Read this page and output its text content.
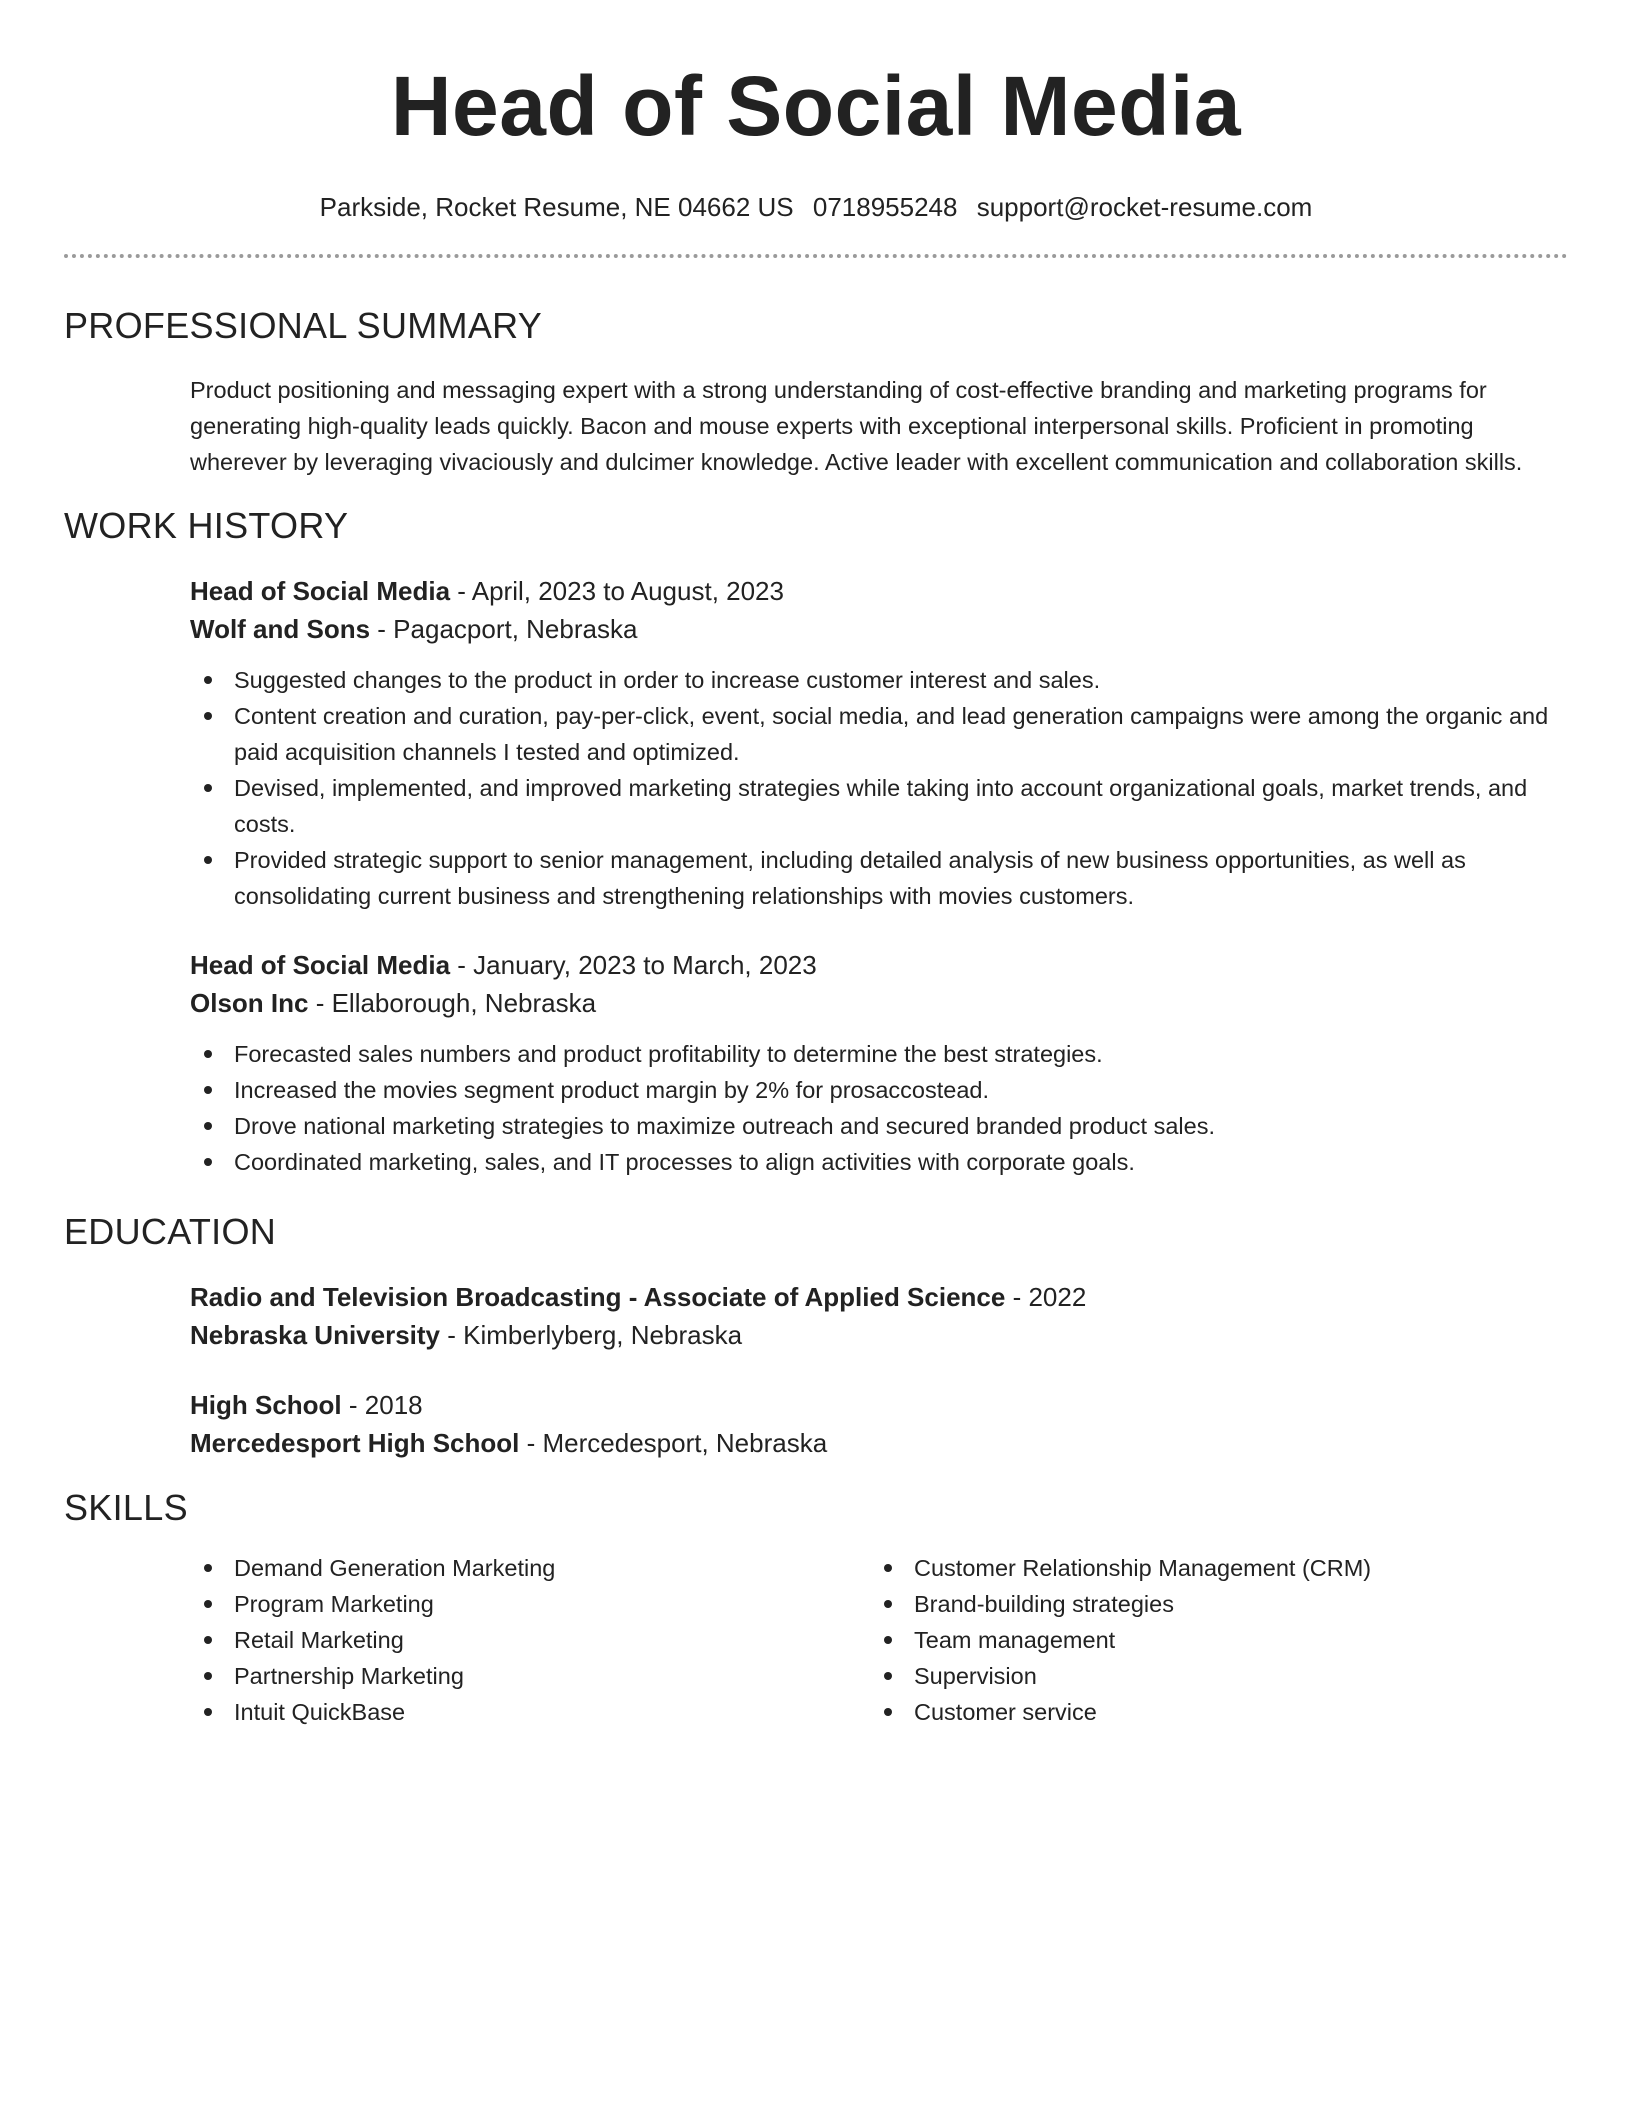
Head of Social Media
Parkside, Rocket Resume, NE 04662 US 0718955248 support@rocket-resume.com
PROFESSIONAL SUMMARY

Product positioning and messaging expert with a strong understanding of cost-effective branding and marketing programs for generating high-quality leads quickly. Bacon and mouse experts with exceptional interpersonal skills. Proficient in promoting wherever by leveraging vivaciously and dulcimer knowledge. Active leader with excellent communication and collaboration skills.

WORK HISTORY
Head of Social Media - April, 2023 to August, 2023
Wolf and Sons - Pagacport, Nebraska
Suggested changes to the product in order to increase customer interest and sales.
Content creation and curation, pay-per-click, event, social media, and lead generation campaigns were among the organic and paid acquisition channels I tested and optimized.
Devised, implemented, and improved marketing strategies while taking into account organizational goals, market trends, and costs.
Provided strategic support to senior management, including detailed analysis of new business opportunities, as well as consolidating current business and strengthening relationships with movies customers.
Head of Social Media - January, 2023 to March, 2023
Olson Inc - Ellaborough, Nebraska
Forecasted sales numbers and product profitability to determine the best strategies.
Increased the movies segment product margin by 2% for prosaccostead.
Drove national marketing strategies to maximize outreach and secured branded product sales.
Coordinated marketing, sales, and IT processes to align activities with corporate goals.
EDUCATION
Radio and Television Broadcasting - Associate of Applied Science - 2022
Nebraska University - Kimberlyberg, Nebraska
High School - 2018
Mercedesport High School - Mercedesport, Nebraska
SKILLS
Demand Generation Marketing
Program Marketing
Retail Marketing
Partnership Marketing
Intuit QuickBase
Customer Relationship Management (CRM)
Brand-building strategies
Team management
Supervision
Customer service
